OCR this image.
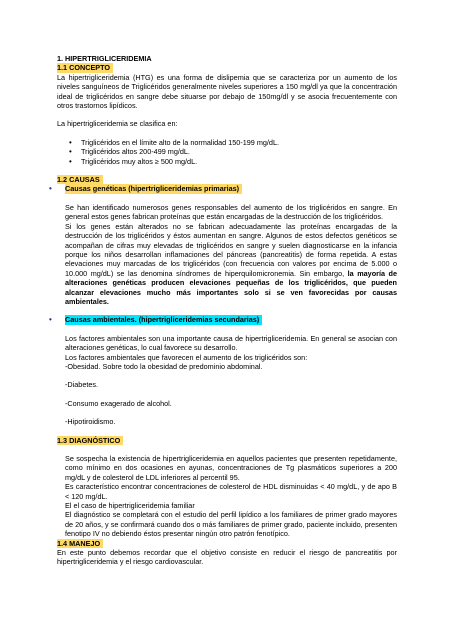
1. HIPERTRIGLICERIDEMIA
1.1 CONCEPTO

La hipertrigliceridemia (HTG) es una forma de dislipemia que se caracteriza por un aumento de los niveles sanguíneos de Triglicéridos generalmente niveles superiores a 150 mg/dl ya que la concentración ideal de triglicéridos en sangre debe situarse por debajo de 150mg/dl y se asocia frecuentemente con otros trastornos lipídicos.

La hipertrigliceridemia se clasifica en:

• Triglicéridos en el límite alto de la normalidad 150-199 mg/dL.
• Triglicéridos altos 200-499 mg/dL.
• Triglicéridos muy altos ≥ 500 mg/dL.
1.2 CAUSAS
• Causas genéticas (hipertrigliceridemias primarias)

Se han identificado numerosos genes responsables del aumento de los triglicéridos en sangre. En general estos genes fabrican proteínas que están encargadas de la destrucción de los triglicéridos.

Si los genes están alterados no se fabrican adecuadamente las proteínas encargadas de la destrucción de los triglicéridos y éstos aumentan en sangre. Algunos de estos defectos genéticos se acompañan de cifras muy elevadas de triglicéridos en sangre y suelen diagnosticarse en la infancia porque los niños desarrollan inflamaciones del páncreas (pancreatitis) de forma repetida. A estas elevaciones muy marcadas de los triglicéridos (con frecuencia con valores por encima de 5.000 o 10.000 mg/dL) se las denomina síndromes de hiperquilomicronemia. Sin embargo, la mayoría de alteraciones genéticas producen elevaciones pequeñas de los triglicéridos, que pueden alcanzar elevaciones mucho más importantes solo si se ven favorecidas por causas ambientales.

• Causas ambientales. (hipertrigliceridemias secundarias)

Los factores ambientales son una importante causa de hipertrigliceridemia. En general se asocian con alteraciones genéticas, lo cual favorece su desarrollo.

Los factores ambientales que favorecen el aumento de los triglicéridos son:

-Obesidad. Sobre todo la obesidad de predominio abdominal.

-Diabetes.

-Consumo exagerado de alcohol.

-Hipotiroidismo.

1.3 DIAGNÓSTICO

Se sospecha la existencia de hipertrigliceridemia en aquellos pacientes que presenten repetidamente, como mínimo en dos ocasiones en ayunas, concentraciones de Tg plasmáticos superiores a 200 mg/dL y de colesterol de LDL inferiores al percentil 95.

Es característico encontrar concentraciones de colesterol de HDL disminuidas < 40 mg/dL, y de apo B < 120 mg/dL.

El el caso de hipertrigliceridemia familiar

El diagnóstico se completará con el estudio del perfil lipídico a los familiares de primer grado mayores de 20 años, y se confirmará cuando dos o más familiares de primer grado, paciente incluido, presenten fenotipo IV no debiendo éstos presentar ningún otro patrón fenotípico.

1.4 MANEJO

En este punto debemos recordar que el objetivo consiste en reducir el riesgo de pancreatitis por hipertrigliceridemia y el riesgo cardiovascular.
